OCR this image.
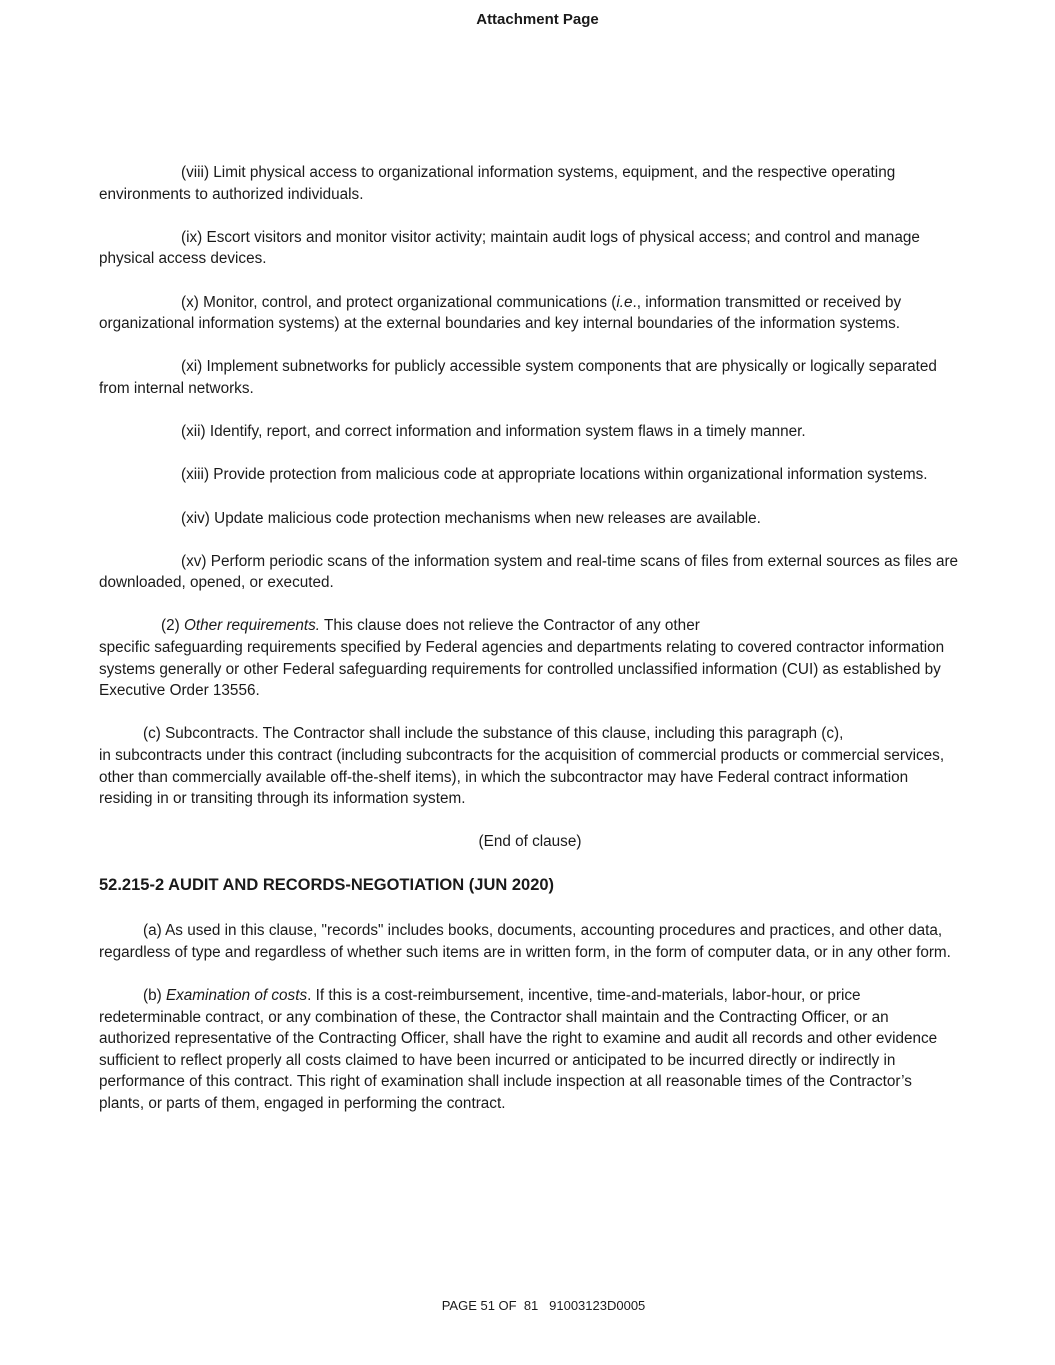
Attachment Page

(viii) Limit physical access to organizational information systems, equipment, and the respective operating environments to authorized individuals.

(ix) Escort visitors and monitor visitor activity; maintain audit logs of physical access; and control and manage physical access devices.

(x) Monitor, control, and protect organizational communications (i.e., information transmitted or received by organizational information systems) at the external boundaries and key internal boundaries of the information systems.

(xi) Implement subnetworks for publicly accessible system components that are physically or logically separated from internal networks.

(xii) Identify, report, and correct information and information system flaws in a timely manner.

(xiii) Provide protection from malicious code at appropriate locations within organizational information systems.

(xiv) Update malicious code protection mechanisms when new releases are available.

(xv) Perform periodic scans of the information system and real-time scans of files from external sources as files are downloaded, opened, or executed.

(2) Other requirements. This clause does not relieve the Contractor of any other
specific safeguarding requirements specified by Federal agencies and departments relating to covered contractor information systems generally or other Federal safeguarding requirements for controlled unclassified information (CUI) as established by Executive Order 13556.

(c) Subcontracts. The Contractor shall include the substance of this clause, including this paragraph (c),
in subcontracts under this contract (including subcontracts for the acquisition of commercial products or commercial services, other than commercially available off-the-shelf items), in which the subcontractor may have Federal contract information residing in or transiting through its information system.

(End of clause)

52.215-2 AUDIT AND RECORDS-NEGOTIATION (JUN 2020)

(a) As used in this clause, "records" includes books, documents, accounting procedures and practices, and other data, regardless of type and regardless of whether such items are in written form, in the form of computer data, or in any other form.

(b) Examination of costs. If this is a cost-reimbursement, incentive, time-and-materials, labor-hour, or price redeterminable contract, or any combination of these, the Contractor shall maintain and the Contracting Officer, or an authorized representative of the Contracting Officer, shall have the right to examine and audit all records and other evidence sufficient to reflect properly all costs claimed to have been incurred or anticipated to be incurred directly or indirectly in performance of this contract. This right of examination shall include inspection at all reasonable times of the Contractor’s plants, or parts of them, engaged in performing the contract.

PAGE 51 OF  81 91003123D0005
